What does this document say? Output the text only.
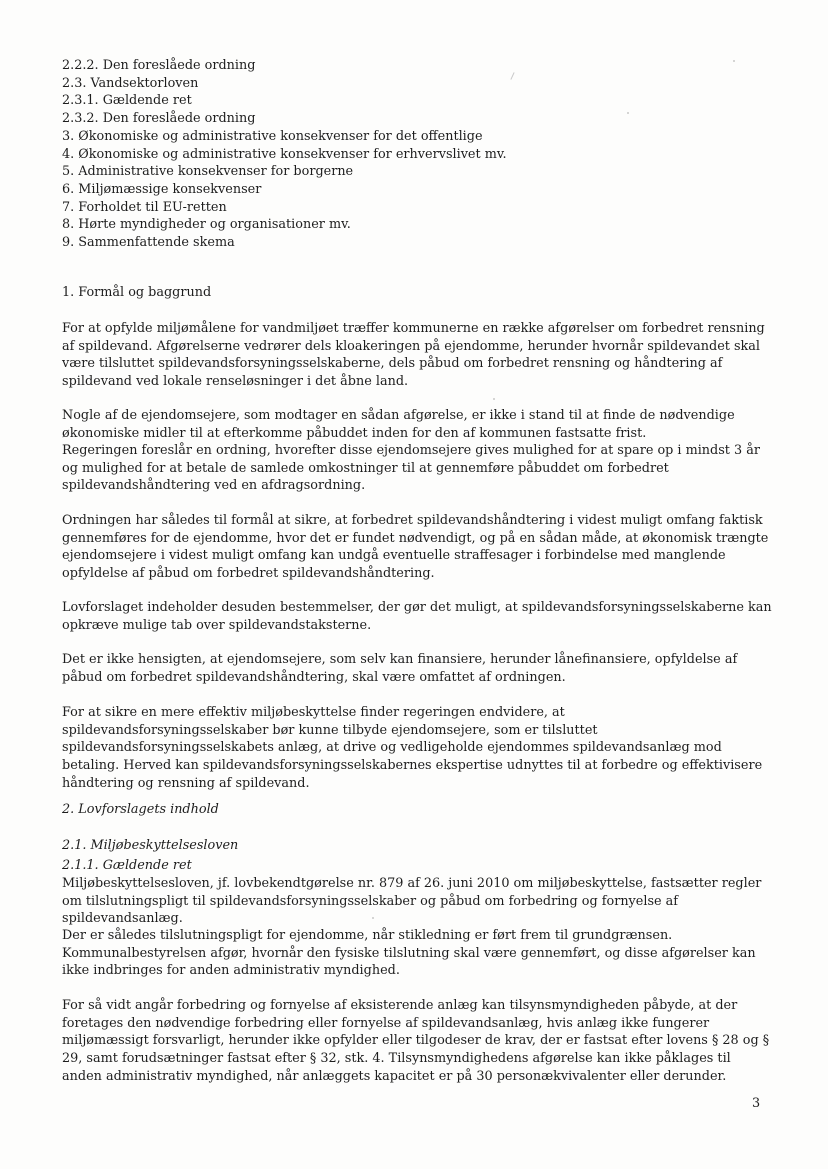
2.2.2. Den foreslåede ordning
2.3. Vandsektorloven
2.3.1. Gældende ret
2.3.2. Den foreslåede ordning
3. Økonomiske og administrative konsekvenser for det offentlige
4. Økonomiske og administrative konsekvenser for erhvervslivet mv.
5. Administrative konsekvenser for borgerne
6. Miljømæssige konsekvenser
7. Forholdet til EU-retten
8. Hørte myndigheder og organisationer mv.
9. Sammenfattende skema
1. Formål og baggrund

For at opfylde miljømålene for vandmiljøet træffer kommunerne en række afgørelser om forbedret rensning af spildevand. Afgørelserne vedrører dels kloakeringen på ejendomme, herunder hvornår spildevandet skal være tilsluttet spildevandsforsyningsselskaberne, dels påbud om forbedret rensning og håndtering af spildevand ved lokale renseløsninger i det åbne land.

Nogle af de ejendomsejere, som modtager en sådan afgørelse, er ikke i stand til at finde de nødvendige økonomiske midler til at efterkomme påbuddet inden for den af kommunen fastsatte frist.

Regeringen foreslår en ordning, hvorefter disse ejendomsejere gives mulighed for at spare op i mindst 3 år og mulighed for at betale de samlede omkostninger til at gennemføre påbuddet om forbedret spildevandshåndtering ved en afdragsordning.

Ordningen har således til formål at sikre, at forbedret spildevandshåndtering i videst muligt omfang faktisk gennemføres for de ejendomme, hvor det er fundet nødvendigt, og på en sådan måde, at økonomisk trængte ejendomsejere i videst muligt omfang kan undgå eventuelle straffesager i forbindelse med manglende opfyldelse af påbud om forbedret spildevandshåndtering.

Lovforslaget indeholder desuden bestemmelser, der gør det muligt, at spildevandsforsyningsselskaberne kan opkræve mulige tab over spildevandstaksterne.

Det er ikke hensigten, at ejendomsejere, som selv kan finansiere, herunder lånefinansiere, opfyldelse af påbud om forbedret spildevandshåndtering, skal være omfattet af ordningen.

For at sikre en mere effektiv miljøbeskyttelse finder regeringen endvidere, at spildevandsforsyningsselskaber bør kunne tilbyde ejendomsejere, som er tilsluttet spildevandsforsyningsselskabets anlæg, at drive og vedligeholde ejendommes spildevandsanlæg mod betaling. Herved kan spildevandsforsyningsselskabernes ekspertise udnyttes til at forbedre og effektivisere håndtering og rensning af spildevand.

2. Lovforslagets indhold
2.1. Miljøbeskyttelsesloven
2.1.1. Gældende ret

Miljøbeskyttelsesloven, jf. lovbekendtgørelse nr. 879 af 26. juni 2010 om miljøbeskyttelse, fastsætter regler om tilslutningspligt til spildevandsforsyningsselskaber og påbud om forbedring og fornyelse af spildevandsanlæg.

Der er således tilslutningspligt for ejendomme, når stikledning er ført frem til grundgrænsen. Kommunalbestyrelsen afgør, hvornår den fysiske tilslutning skal være gennemført, og disse afgørelser kan ikke indbringes for anden administrativ myndighed.

For så vidt angår forbedring og fornyelse af eksisterende anlæg kan tilsynsmyndigheden påbyde, at der foretages den nødvendige forbedring eller fornyelse af spildevandsanlæg, hvis anlæg ikke fungerer miljømæssigt forsvarligt, herunder ikke opfylder eller tilgodeser de krav, der er fastsat efter lovens § 28 og § 29, samt forudsætninger fastsat efter § 32, stk. 4. Tilsynsmyndighedens afgørelse kan ikke påklages til anden administrativ myndighed, når anlæggets kapacitet er på 30 personækvivalenter eller derunder.

3
